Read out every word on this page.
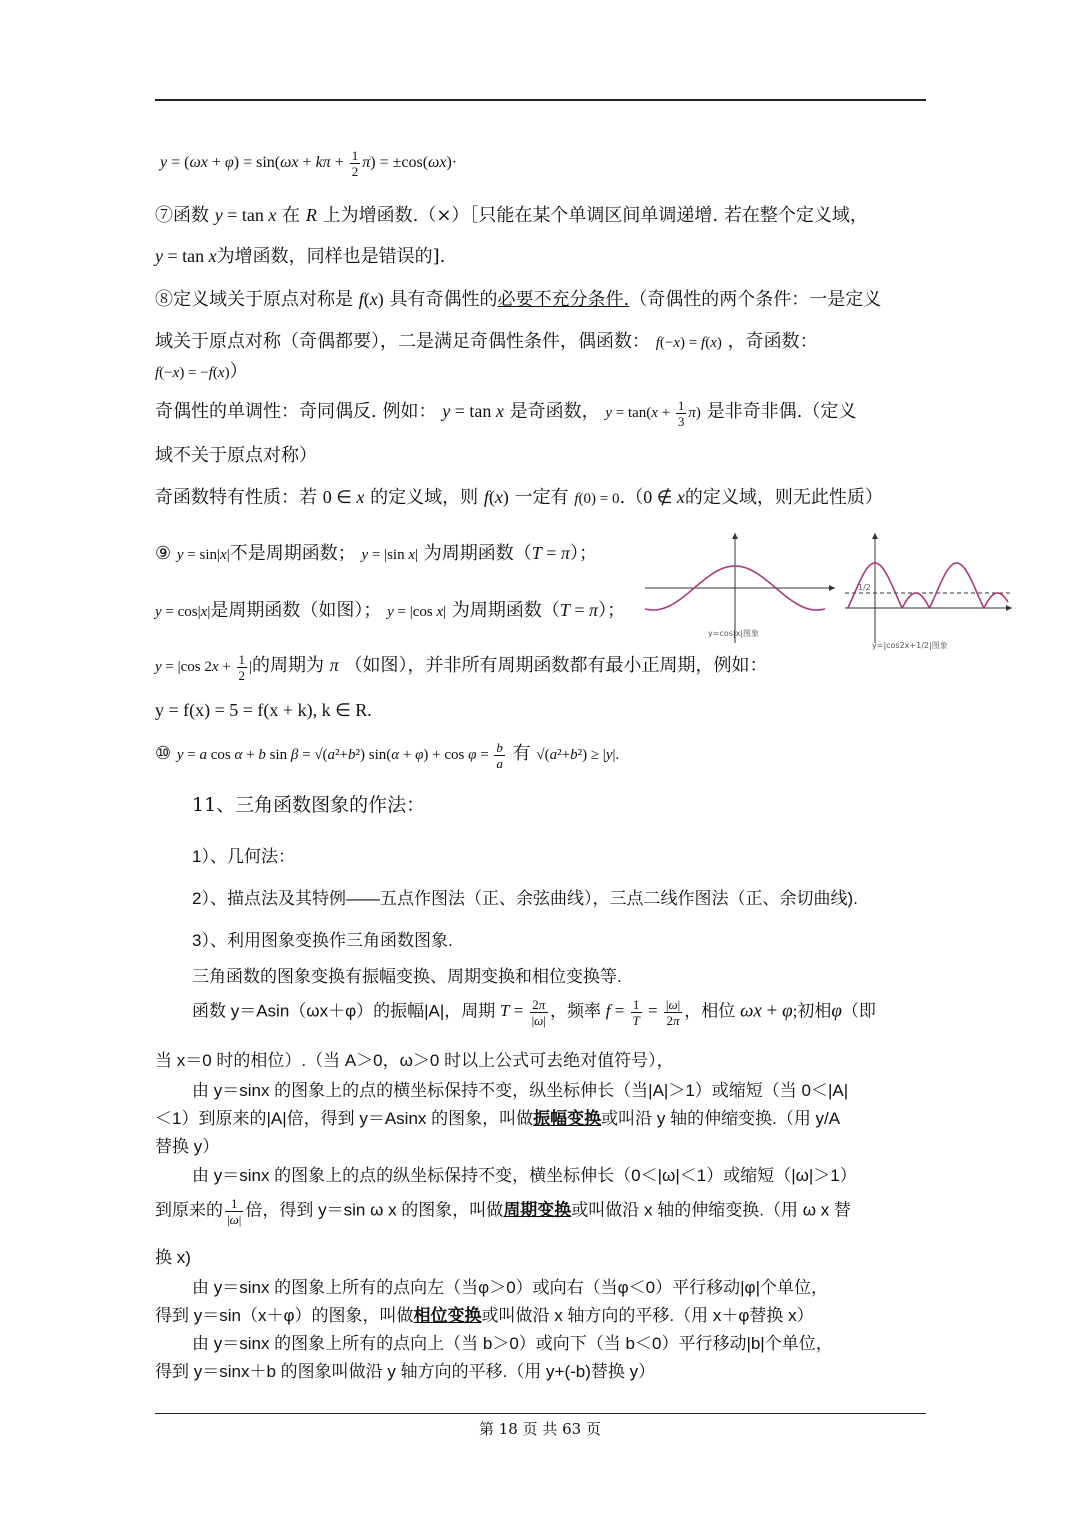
$y = (\omega x + \varphi) = \sin(\omega x + k\pi + \frac{1}{2} \pi) = \pm\cos(\omega x)\cdot$
⑦函数 y = tan x 在 R 上为增函数.（×）［只能在某个单调区间单调递增. 若在整个定义域，
y = tan x为增函数，同样也是错误的].
⑧定义域关于原点对称是 f(x) 具有奇偶性的必要不充分条件.（奇偶性的两个条件：一是定义
域关于原点对称（奇偶都要），二是满足奇偶性条件，偶函数： f(−x) = f(x) ，奇函数：
f(−x) = −f(x)）
奇偶性的单调性：奇同偶反. 例如： y = tan x 是奇函数， $y = \tan(x + \frac{1}{3} \pi)$ 是非奇非偶.（定义
域不关于原点对称）
奇函数特有性质：若 0 ∈ x 的定义域，则 f(x) 一定有 f(0) = 0.（0 ∉ x的定义域，则无此性质）
⑨ y = sin|x|不是周期函数； y = |sin x| 为周期函数（T = π）；
y = cos|x|是周期函数（如图）； y = |cos x| 为周期函数（T = π）；
y = |cos $2x + \frac{1}{2}$ |的周期为 π （如图），并非所有周期函数都有最小正周期，例如：
y = f(x) = 5 = f(x + k), k ∈ R.
⑩ y = a cos α + b sin β = √(a²+b²) $\sin(\alpha + \varphi) + \cos \varphi = \frac{b}{a}$ 有 √(a²+b²) ≥ |y|.
y=cos|x|图象
1/2
y=|cos2x+1/2|图象
11、三角函数图象的作法：
1）、几何法：
2）、描点法及其特例——五点作图法（正、余弦曲线），三点二线作图法（正、余切曲线).
3）、利用图象变换作三角函数图象.
三角函数的图象变换有振幅变换、周期变换和相位变换等.
函数 y＝Asin（ωx＋φ）的振幅|A|，周期 $T = \frac{2\pi}{|\omega|}$ ，频率 $f = \frac{1}{T} = \frac{|\omega|}{2\pi}$ ，相位 ωx + φ;初相φ（即
当 x＝0 时的相位）.（当 A＞0，ω＞0 时以上公式可去绝对值符号），
由 y＝sinx 的图象上的点的横坐标保持不变，纵坐标伸长（当|A|＞1）或缩短（当 0＜|A|
＜1）到原来的|A|倍，得到 y＝Asinx 的图象，叫做振幅变换或叫沿 y 轴的伸缩变换.（用 y/A
替换 y）
由 y＝sinx 的图象上的点的纵坐标保持不变，横坐标伸长（0＜|ω|＜1）或缩短（|ω|＞1）
到原来的 $\frac{1}{|\omega|}$ 倍，得到 y＝sin ω x 的图象，叫做周期变换或叫做沿 x 轴的伸缩变换.（用 ω x 替
换 x)
由 y＝sinx 的图象上所有的点向左（当φ＞0）或向右（当φ＜0）平行移动|φ|个单位，
得到 y＝sin（x＋φ）的图象，叫做相位变换或叫做沿 x 轴方向的平移.（用 x＋φ替换 x）
由 y＝sinx 的图象上所有的点向上（当 b＞0）或向下（当 b＜0）平行移动|b|个单位，
得到 y＝sinx＋b 的图象叫做沿 y 轴方向的平移.（用 y+(-b)替换 y）
第 18 页 共 63 页
